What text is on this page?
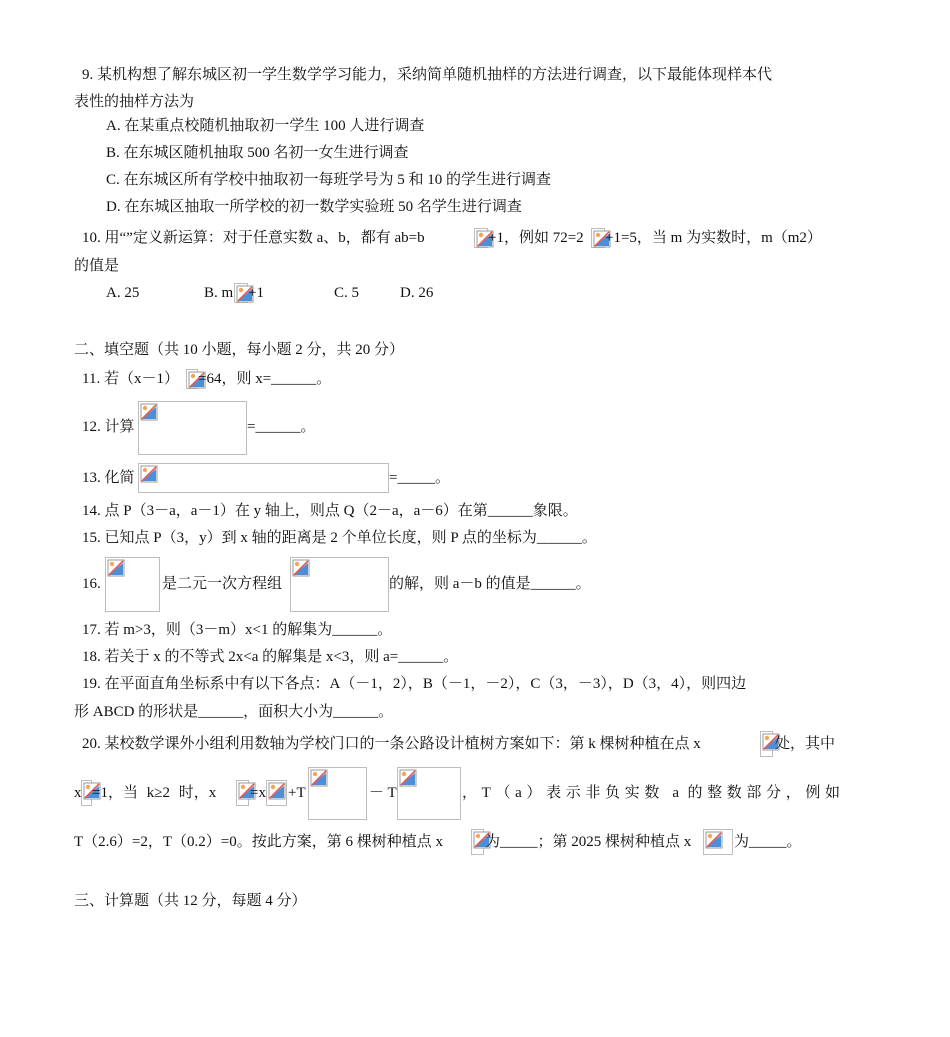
9. 某机构想了解东城区初一学生数学学习能力，采纳简单随机抽样的方法进行调查，以下最能体现样本代
表性的抽样方法为
A. 在某重点校随机抽取初一学生 100 人进行调查
B. 在东城区随机抽取 500 名初一女生进行调查
C. 在东城区所有学校中抽取初一每班学号为 5 和 10 的学生进行调查
D. 在东城区抽取一所学校的初一数学实验班 50 名学生进行调查
10. 用“”定义新运算：对于任意实数 a、b，都有 ab=b	+1，例如 72=2 +1=5，当 m 为实数时，m（m2）
的值是
A. 25	B. m +1	C. 5	D. 26
二、填空题（共 10 小题，每小题 2 分，共 20 分）
11. 若（x－1） =64，则 x=______。
12. 计算	=______。
13. 化简	=_____。
14. 点 P（3－a，a－1）在 y 轴上，则点 Q（2－a，a－6）在第______象限。
15. 已知点 P（3，y）到 x 轴的距离是 2 个单位长度，则 P 点的坐标为______。
16.	是二元一次方程组	的解，则 a－b 的值是______。
17. 若 m>3，则（3－m）x<1 的解集为______。
18. 若关于 x 的不等式 2x<a 的解集是 x<3，则 a=______。
19. 在平面直角坐标系中有以下各点：A（－1，2），B（－1，－2），C（3，－3），D（3，4），则四边
形 ABCD 的形状是______，面积大小为______。
20. 某校数学课外小组利用数轴为学校门口的一条公路设计植树方案如下：第 k 棵树种植在点 x	处，其中
x =1，当 k≥2 时，x =x +T	－ T	，T（a）表示非负实数 a 的整数部分，例如
T（2.6）=2，T（0.2）=0。按此方案，第 6 棵树种植点 x	为_____；第 2025 棵树种植点 x	为_____。
三、计算题（共 12 分，每题 4 分）
